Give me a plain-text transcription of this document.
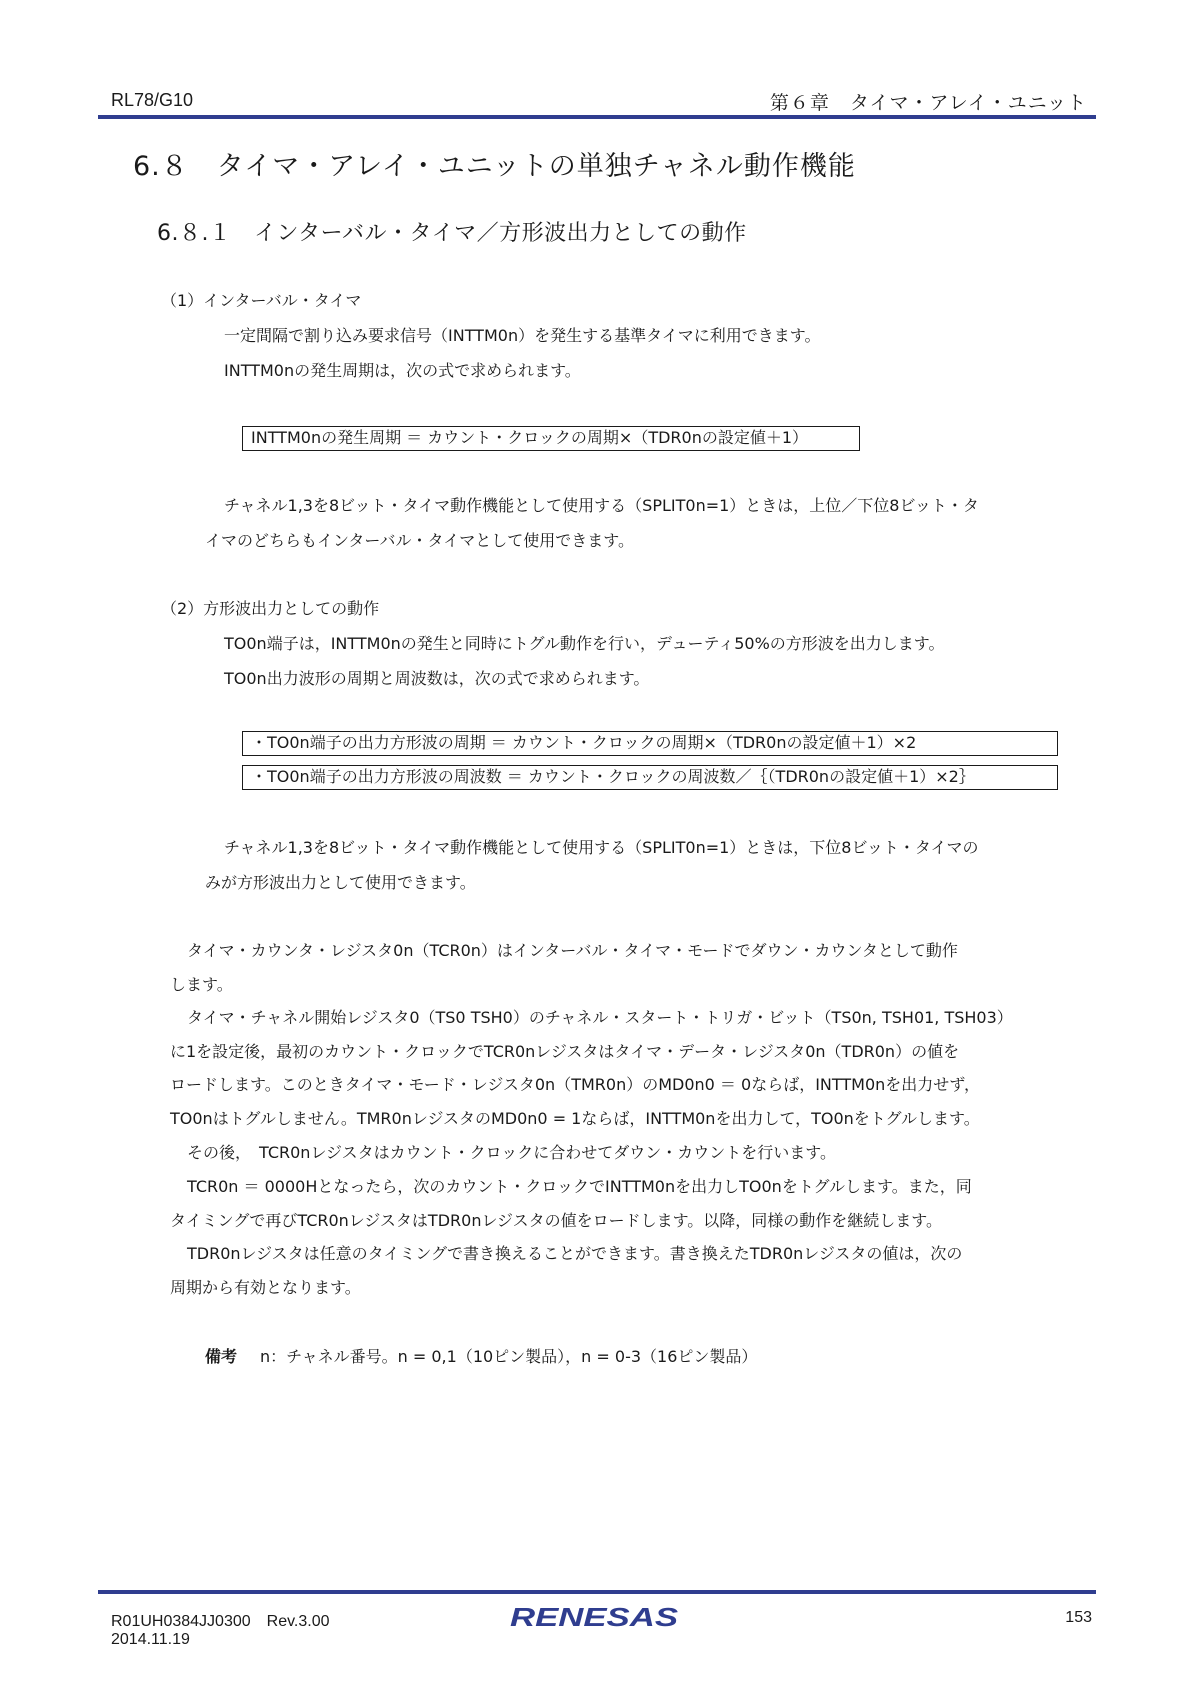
RL78/G10	第６章　タイマ・アレイ・ユニット
6.８　タイマ・アレイ・ユニットの単独チャネル動作機能
6.８.１　インターバル・タイマ／方形波出力としての動作
（1）インターバル・タイマ
一定間隔で割り込み要求信号（INTTM0n）を発生する基準タイマに利用できます。
INTTM0nの発生周期は，次の式で求められます。
INTTM0nの発生周期 ＝ カウント・クロックの周期×（TDR0nの設定値＋1）
チャネル1,3を8ビット・タイマ動作機能として使用する（SPLIT0n=1）ときは，上位／下位8ビット・タ
イマのどちらもインターバル・タイマとして使用できます。
（2）方形波出力としての動作
TO0n端子は，INTTM0nの発生と同時にトグル動作を行い，デューティ50%の方形波を出力します。
TO0n出力波形の周期と周波数は，次の式で求められます。
・TO0n端子の出力方形波の周期 ＝ カウント・クロックの周期×（TDR0nの設定値＋1）×2
・TO0n端子の出力方形波の周波数 ＝ カウント・クロックの周波数／｛（TDR0nの設定値＋1）×2｝
チャネル1,3を8ビット・タイマ動作機能として使用する（SPLIT0n=1）ときは，下位8ビット・タイマの
みが方形波出力として使用できます。
タイマ・カウンタ・レジスタ0n（TCR0n）はインターバル・タイマ・モードでダウン・カウンタとして動作
します。
タイマ・チャネル開始レジスタ0（TS0 TSH0）のチャネル・スタート・トリガ・ビット（TS0n, TSH01, TSH03）
に1を設定後，最初のカウント・クロックでTCR0nレジスタはタイマ・データ・レジスタ0n（TDR0n）の値を
ロードします。このときタイマ・モード・レジスタ0n（TMR0n）のMD0n0 ＝ 0ならば，INTTM0nを出力せず，
TO0nはトグルしません。TMR0nレジスタのMD0n0 = 1ならば，INTTM0nを出力して，TO0nをトグルします。
その後，　TCR0nレジスタはカウント・クロックに合わせてダウン・カウントを行います。
TCR0n ＝ 0000Hとなったら，次のカウント・クロックでINTTM0nを出力しTO0nをトグルします。また，同
タイミングで再びTCR0nレジスタはTDR0nレジスタの値をロードします。以降，同様の動作を継続します。
TDR0nレジスタは任意のタイミングで書き換えることができます。書き換えたTDR0nレジスタの値は，次の
周期から有効となります。
備考 n：チャネル番号。n = 0,1（10ピン製品），n = 0-3（16ピン製品）
R01UH0384JJ0300　Rev.3.00
2014.11.19
RENESAS	153
